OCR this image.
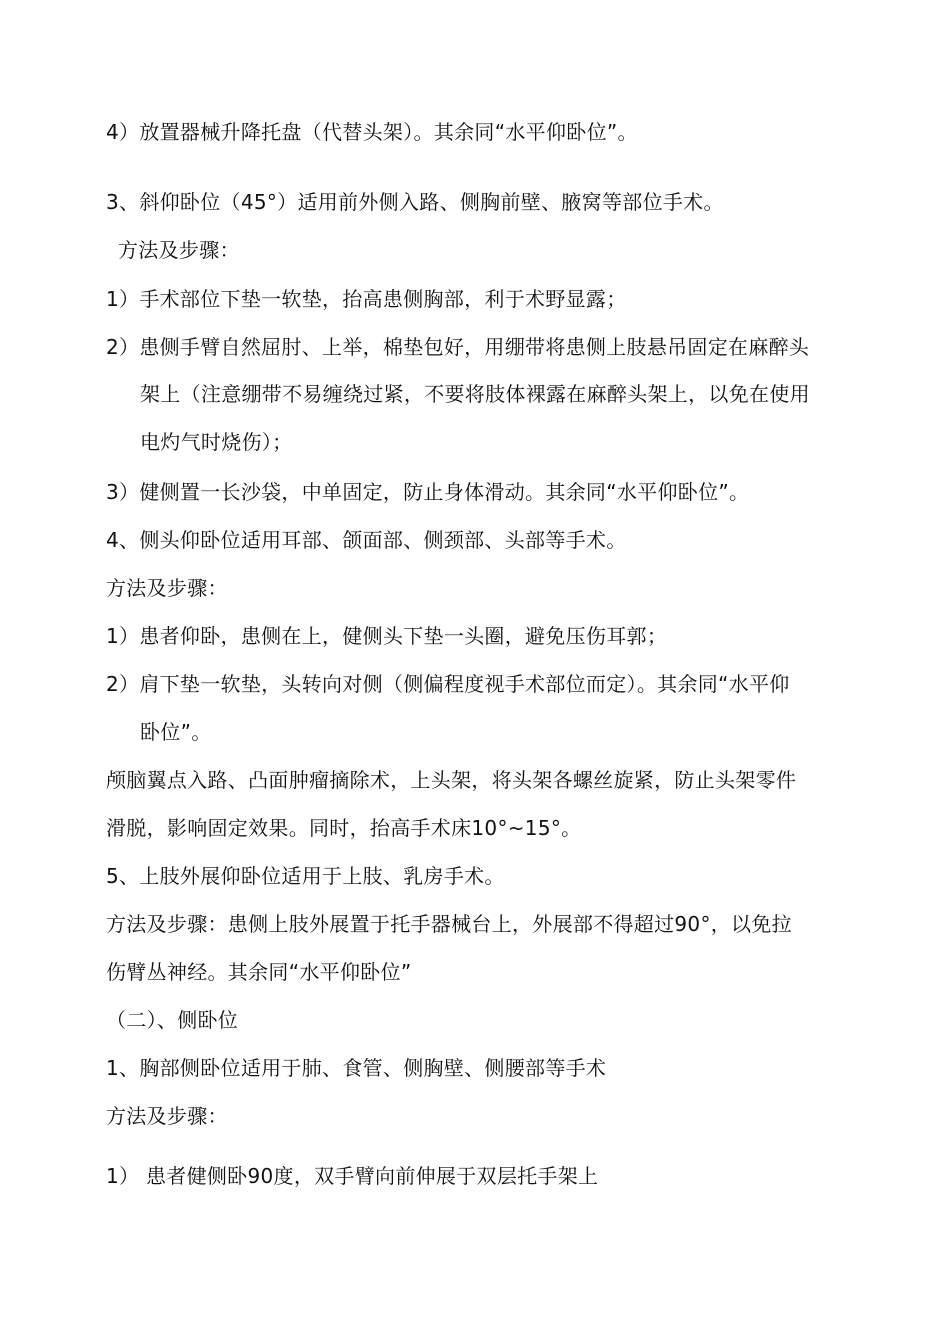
4）放置器械升降托盘（代替头架）。其余同“水平仰卧位”。
3、斜仰卧位（45°）适用前外侧入路、侧胸前壁、腋窝等部位手术。
方法及步骤：
1）手术部位下垫一软垫，抬高患侧胸部，利于术野显露；
2）患侧手臂自然屈肘、上举，棉垫包好，用绷带将患侧上肢悬吊固定在麻醉头
架上（注意绷带不易缠绕过紧，不要将肢体裸露在麻醉头架上，以免在使用
电灼气时烧伤）；
3）健侧置一长沙袋，中单固定，防止身体滑动。其余同“水平仰卧位”。
4、侧头仰卧位适用耳部、颌面部、侧颈部、头部等手术。
方法及步骤：
1）患者仰卧，患侧在上，健侧头下垫一头圈，避免压伤耳郭；
2）肩下垫一软垫，头转向对侧（侧偏程度视手术部位而定）。其余同“水平仰
卧位”。
颅脑翼点入路、凸面肿瘤摘除术，上头架，将头架各螺丝旋紧，防止头架零件
滑脱，影响固定效果。同时，抬高手术床10°~15°。
5、上肢外展仰卧位适用于上肢、乳房手术。
方法及步骤：患侧上肢外展置于托手器械台上，外展部不得超过90°，以免拉
伤臂丛神经。其余同“水平仰卧位”
（二）、侧卧位
1、胸部侧卧位适用于肺、食管、侧胸壁、侧腰部等手术
方法及步骤：
1） 患者健侧卧90度，双手臂向前伸展于双层托手架上
